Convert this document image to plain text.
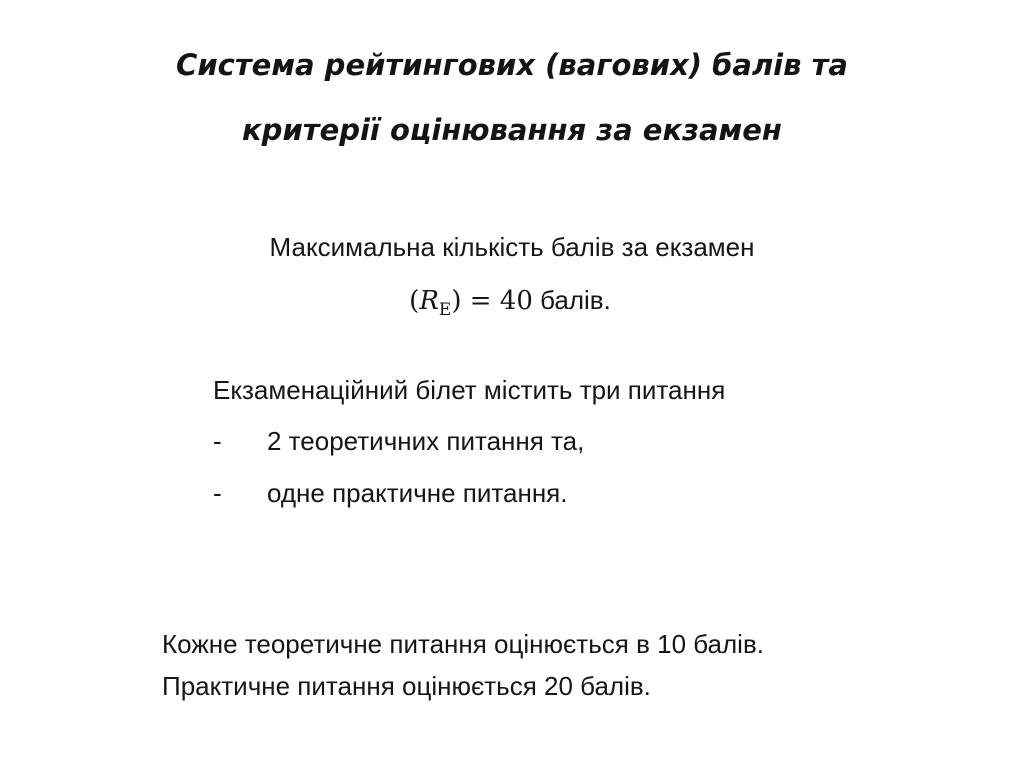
Система рейтингових (вагових) балів та
критерії оцінювання за екзамен
Максимальна кількість балів за екзамен
$(R_E) = 40$ балів.
Екзаменаційний білет містить три питання
-	2 теоретичних питання та,
-	одне практичне питання.
Кожне теоретичне питання оцінюється в 10 балів.
Практичне питання оцінюється 20 балів.
